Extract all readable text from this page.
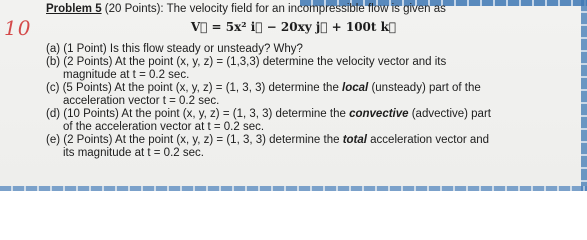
10
Problem 5 (20 Points): The velocity field for an incompressible flow is given as
V⃗ = 5x² i⃗ − 20xy j⃗ + 100t k⃗
(a) (1 Point) Is this flow steady or unsteady? Why?
(b) (2 Points) At the point (x, y, z) = (1,3,3) determine the velocity vector and its
magnitude at t = 0.2 sec.
(c) (5 Points) At the point (x, y, z) = (1, 3, 3) determine the local (unsteady) part of the
acceleration vector t = 0.2 sec.
(d) (10 Points) At the point (x, y, z) = (1, 3, 3) determine the convective (advective) part
of the acceleration vector at t = 0.2 sec.
(e) (2 Points) At the point (x, y, z) = (1, 3, 3) determine the total acceleration vector and
its magnitude at t = 0.2 sec.
